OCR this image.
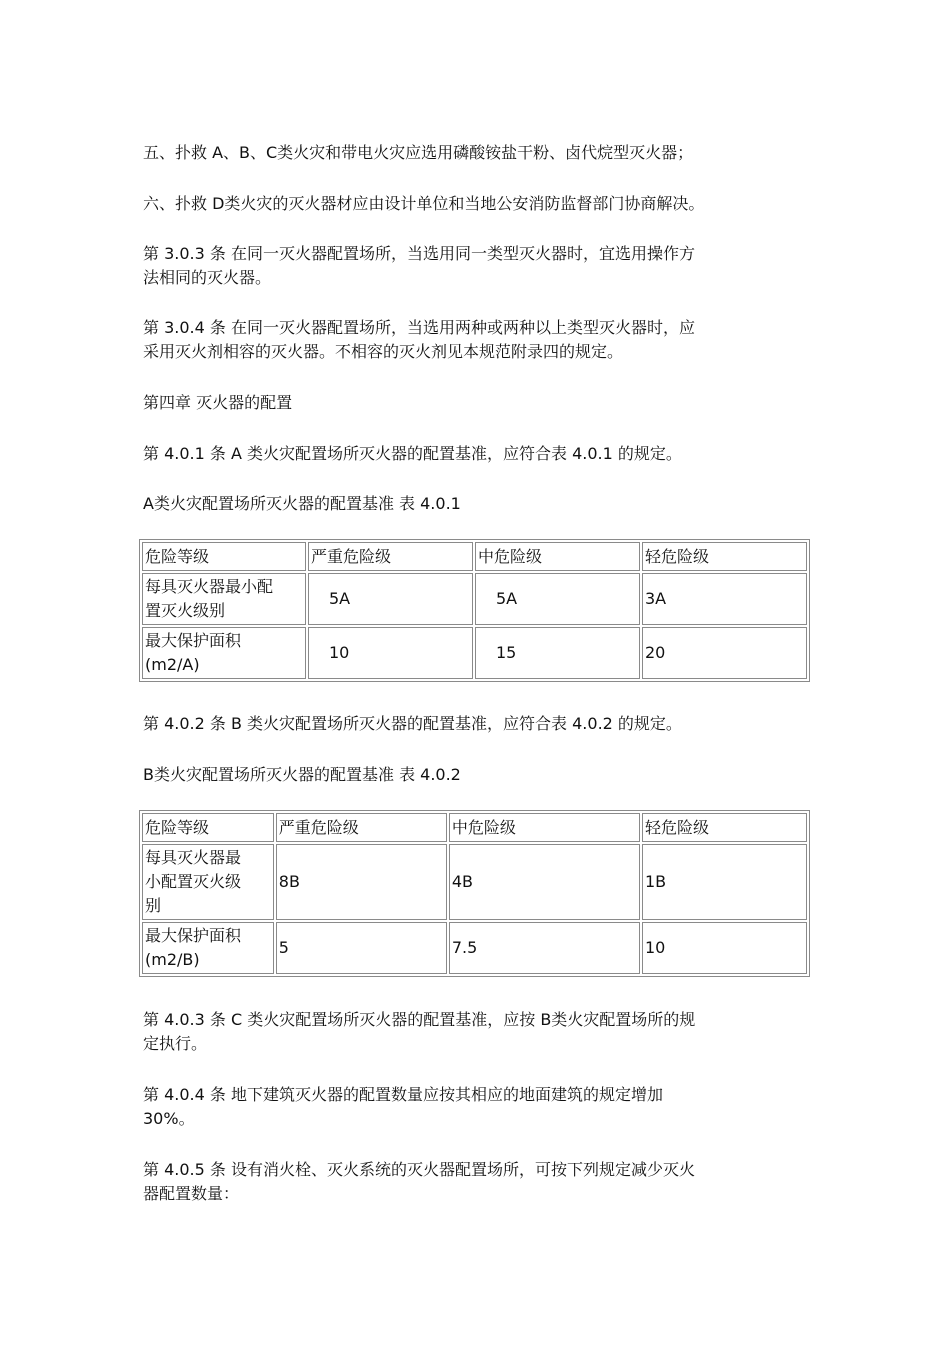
五、扑救 A、B、C类火灾和带电火灾应选用磷酸铵盐干粉、卤代烷型灭火器；
六、扑救 D类火灾的灭火器材应由设计单位和当地公安消防监督部门协商解决。
第 3.0.3 条 在同一灭火器配置场所，当选用同一类型灭火器时，宜选用操作方
法相同的灭火器。
第 3.0.4 条 在同一灭火器配置场所，当选用两种或两种以上类型灭火器时，应
采用灭火剂相容的灭火器。不相容的灭火剂见本规范附录四的规定。
第四章 灭火器的配置
第 4.0.1 条 A 类火灾配置场所灭火器的配置基准，应符合表 4.0.1 的规定。
A类火灾配置场所灭火器的配置基准 表 4.0.1
危险等级	严重危险级	中危险级	轻危险级

每具灭火器最小配
置灭火级别	5A	5A	3A

最大保护面积
(m2/A)	10	15	20
第 4.0.2 条 B 类火灾配置场所灭火器的配置基准，应符合表 4.0.2 的规定。
B类火灾配置场所灭火器的配置基准 表 4.0.2
危险等级	严重危险级	中危险级	轻危险级

每具灭火器最
小配置灭火级
别	8B	4B	1B

最大保护面积
(m2/B)	5	7.5	10
第 4.0.3 条 C 类火灾配置场所灭火器的配置基准，应按 B类火灾配置场所的规
定执行。
第 4.0.4 条 地下建筑灭火器的配置数量应按其相应的地面建筑的规定增加
30%。
第 4.0.5 条 设有消火栓、灭火系统的灭火器配置场所，可按下列规定减少灭火
器配置数量：
